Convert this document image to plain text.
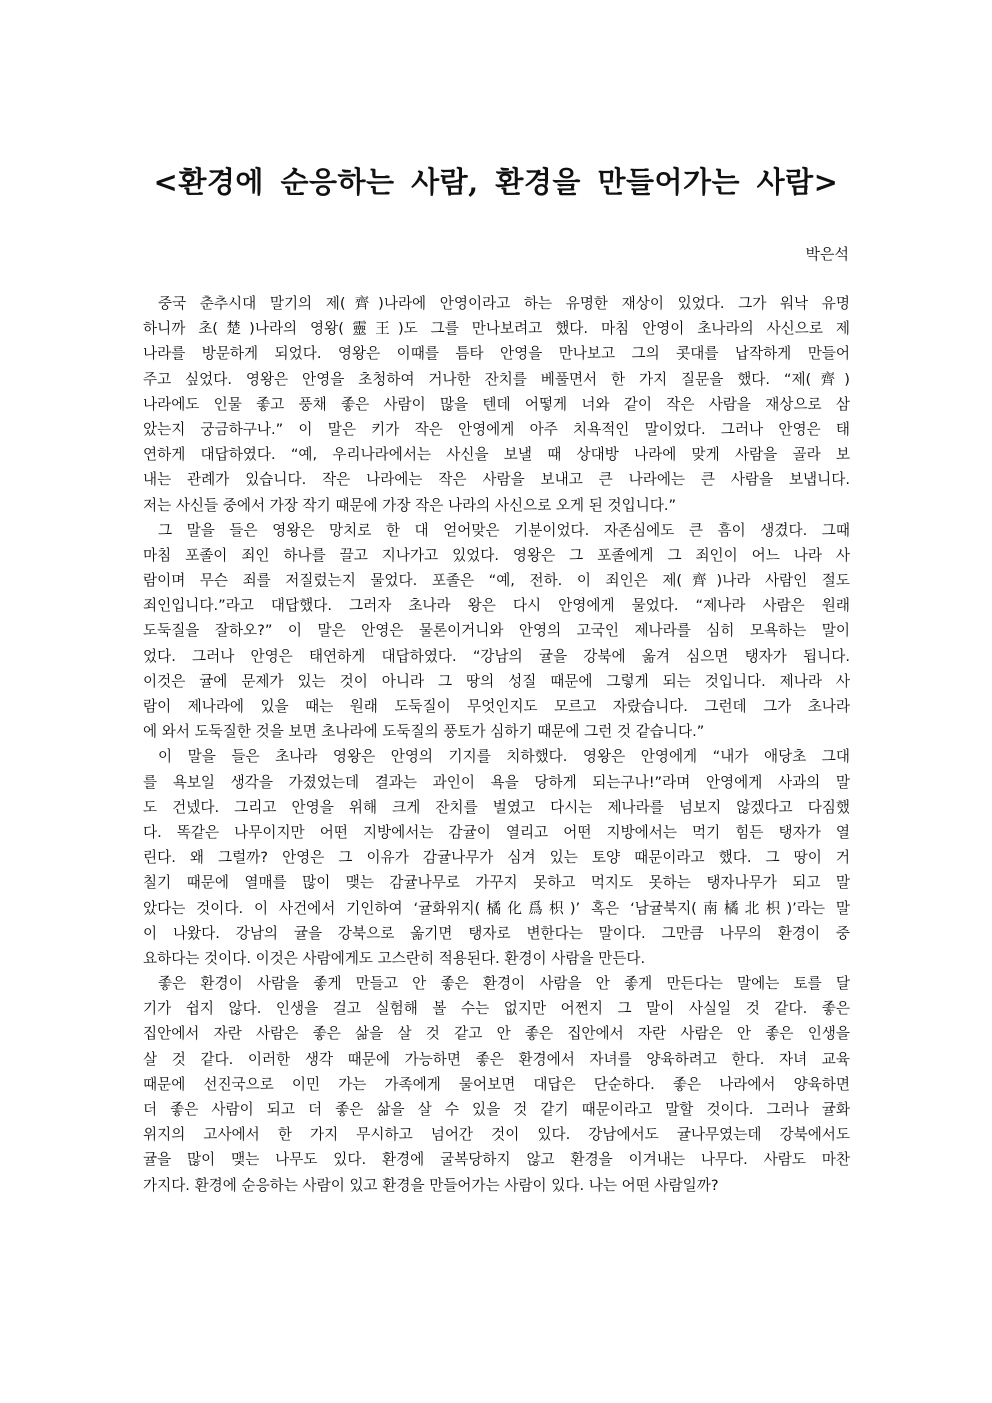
<환경에 순응하는 사람, 환경을 만들어가는 사람>
박은석
중국 춘추시대 말기의 제(齊)나라에 안영이라고 하는 유명한 재상이 있었다. 그가 워낙 유명
하니까 초(楚)나라의 영왕(靈王)도 그를 만나보려고 했다. 마침 안영이 초나라의 사신으로 제
나라를 방문하게 되었다. 영왕은 이때를 틈타 안영을 만나보고 그의 콧대를 납작하게 만들어
주고 싶었다. 영왕은 안영을 초청하여 거나한 잔치를 베풀면서 한 가지 질문을 했다. “제(齊)
나라에도 인물 좋고 풍채 좋은 사람이 많을 텐데 어떻게 너와 같이 작은 사람을 재상으로 삼
았는지 궁금하구나.” 이 말은 키가 작은 안영에게 아주 치욕적인 말이었다. 그러나 안영은 태
연하게 대답하였다. “예, 우리나라에서는 사신을 보낼 때 상대방 나라에 맞게 사람을 골라 보
내는 관례가 있습니다. 작은 나라에는 작은 사람을 보내고 큰 나라에는 큰 사람을 보냅니다.
저는 사신들 중에서 가장 작기 때문에 가장 작은 나라의 사신으로 오게 된 것입니다.”
그 말을 들은 영왕은 망치로 한 대 얻어맞은 기분이었다. 자존심에도 큰 흠이 생겼다. 그때
마침 포졸이 죄인 하나를 끌고 지나가고 있었다. 영왕은 그 포졸에게 그 죄인이 어느 나라 사
람이며 무슨 죄를 저질렀는지 물었다. 포졸은 “예, 전하. 이 죄인은 제(齊)나라 사람인 절도
죄인입니다.”라고 대답했다. 그러자 초나라 왕은 다시 안영에게 물었다. “제나라 사람은 원래
도둑질을 잘하오?” 이 말은 안영은 물론이거니와 안영의 고국인 제나라를 심히 모욕하는 말이
었다. 그러나 안영은 태연하게 대답하였다. “강남의 귤을 강북에 옮겨 심으면 탱자가 됩니다.
이것은 귤에 문제가 있는 것이 아니라 그 땅의 성질 때문에 그렇게 되는 것입니다. 제나라 사
람이 제나라에 있을 때는 원래 도둑질이 무엇인지도 모르고 자랐습니다. 그런데 그가 초나라
에 와서 도둑질한 것을 보면 초나라에 도둑질의 풍토가 심하기 때문에 그런 것 같습니다.”
이 말을 들은 초나라 영왕은 안영의 기지를 치하했다. 영왕은 안영에게 “내가 애당초 그대
를 욕보일 생각을 가졌었는데 결과는 과인이 욕을 당하게 되는구나!”라며 안영에게 사과의 말
도 건넸다. 그리고 안영을 위해 크게 잔치를 벌였고 다시는 제나라를 넘보지 않겠다고 다짐했
다. 똑같은 나무이지만 어떤 지방에서는 감귤이 열리고 어떤 지방에서는 먹기 힘든 탱자가 열
린다. 왜 그럴까? 안영은 그 이유가 감귤나무가 심겨 있는 토양 때문이라고 했다. 그 땅이 거
칠기 때문에 열매를 많이 맺는 감귤나무로 가꾸지 못하고 먹지도 못하는 탱자나무가 되고 말
았다는 것이다. 이 사건에서 기인하여 ‘귤화위지(橘化爲枳)’ 혹은 ‘남귤북지(南橘北枳)’라는 말
이 나왔다. 강남의 귤을 강북으로 옮기면 탱자로 변한다는 말이다. 그만큼 나무의 환경이 중
요하다는 것이다. 이것은 사람에게도 고스란히 적용된다. 환경이 사람을 만든다.
좋은 환경이 사람을 좋게 만들고 안 좋은 환경이 사람을 안 좋게 만든다는 말에는 토를 달
기가 쉽지 않다. 인생을 걸고 실험해 볼 수는 없지만 어쩐지 그 말이 사실일 것 같다. 좋은
집안에서 자란 사람은 좋은 삶을 살 것 같고 안 좋은 집안에서 자란 사람은 안 좋은 인생을
살 것 같다. 이러한 생각 때문에 가능하면 좋은 환경에서 자녀를 양육하려고 한다. 자녀 교육
때문에 선진국으로 이민 가는 가족에게 물어보면 대답은 단순하다. 좋은 나라에서 양육하면
더 좋은 사람이 되고 더 좋은 삶을 살 수 있을 것 같기 때문이라고 말할 것이다. 그러나 귤화
위지의 고사에서 한 가지 무시하고 넘어간 것이 있다. 강남에서도 귤나무였는데 강북에서도
귤을 많이 맺는 나무도 있다. 환경에 굴복당하지 않고 환경을 이겨내는 나무다. 사람도 마찬
가지다. 환경에 순응하는 사람이 있고 환경을 만들어가는 사람이 있다. 나는 어떤 사람일까?
